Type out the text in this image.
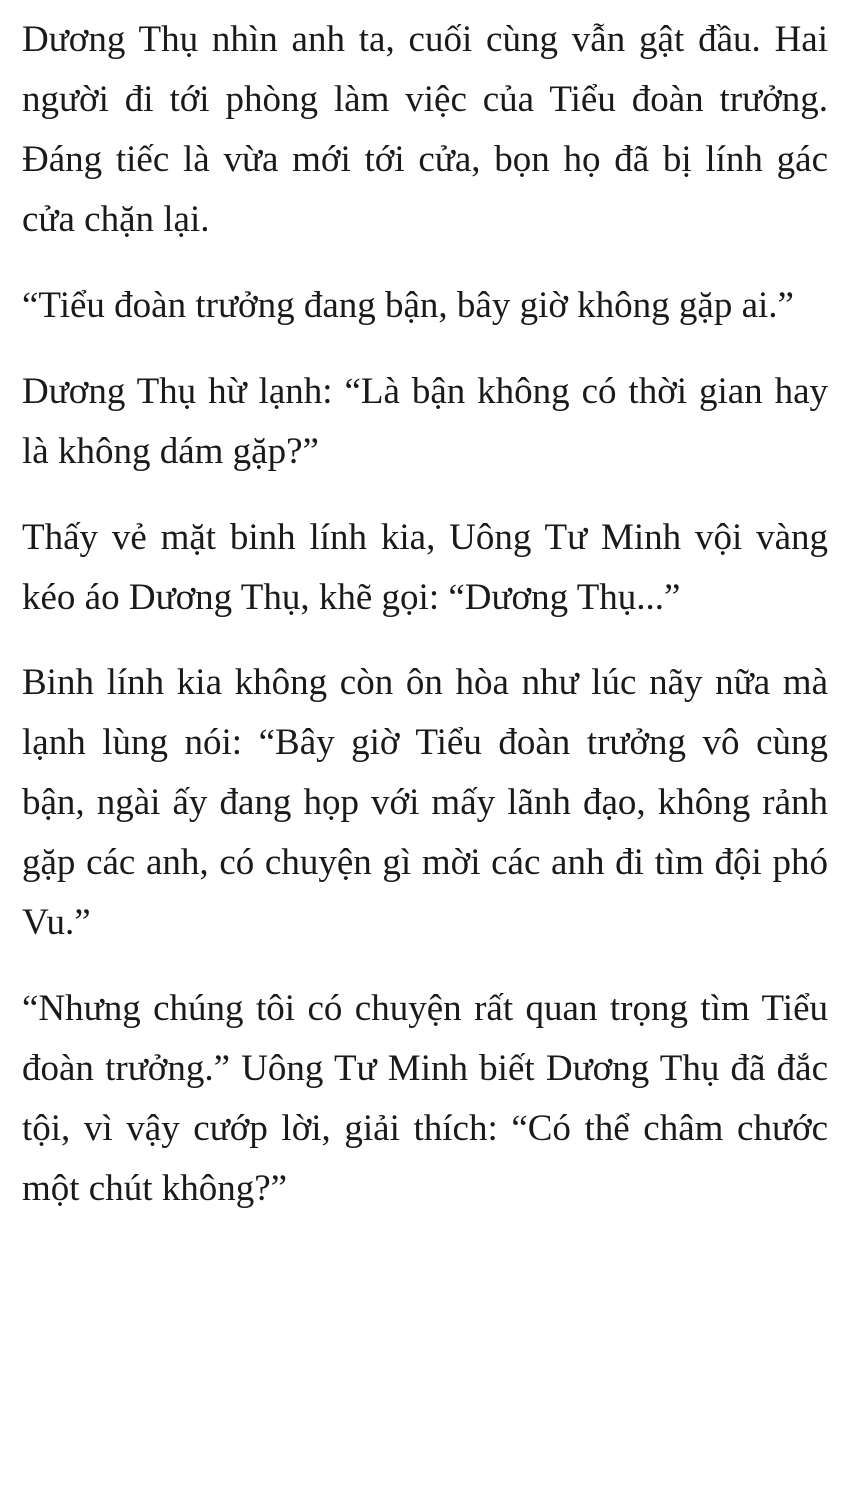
Dương Thụ nhìn anh ta, cuối cùng vẫn gật đầu. Hai người đi tới phòng làm việc của Tiểu đoàn trưởng. Đáng tiếc là vừa mới tới cửa, bọn họ đã bị lính gác cửa chặn lại.

“Tiểu đoàn trưởng đang bận, bây giờ không gặp ai.”

Dương Thụ hừ lạnh: “Là bận không có thời gian hay là không dám gặp?”

Thấy vẻ mặt binh lính kia, Uông Tư Minh vội vàng kéo áo Dương Thụ, khẽ gọi: “Dương Thụ...”

Binh lính kia không còn ôn hòa như lúc nãy nữa mà lạnh lùng nói: “Bây giờ Tiểu đoàn trưởng vô cùng bận, ngài ấy đang họp với mấy lãnh đạo, không rảnh gặp các anh, có chuyện gì mời các anh đi tìm đội phó Vu.”

“Nhưng chúng tôi có chuyện rất quan trọng tìm Tiểu đoàn trưởng.” Uông Tư Minh biết Dương Thụ đã đắc tội, vì vậy cướp lời, giải thích: “Có thể châm chước một chút không?”
